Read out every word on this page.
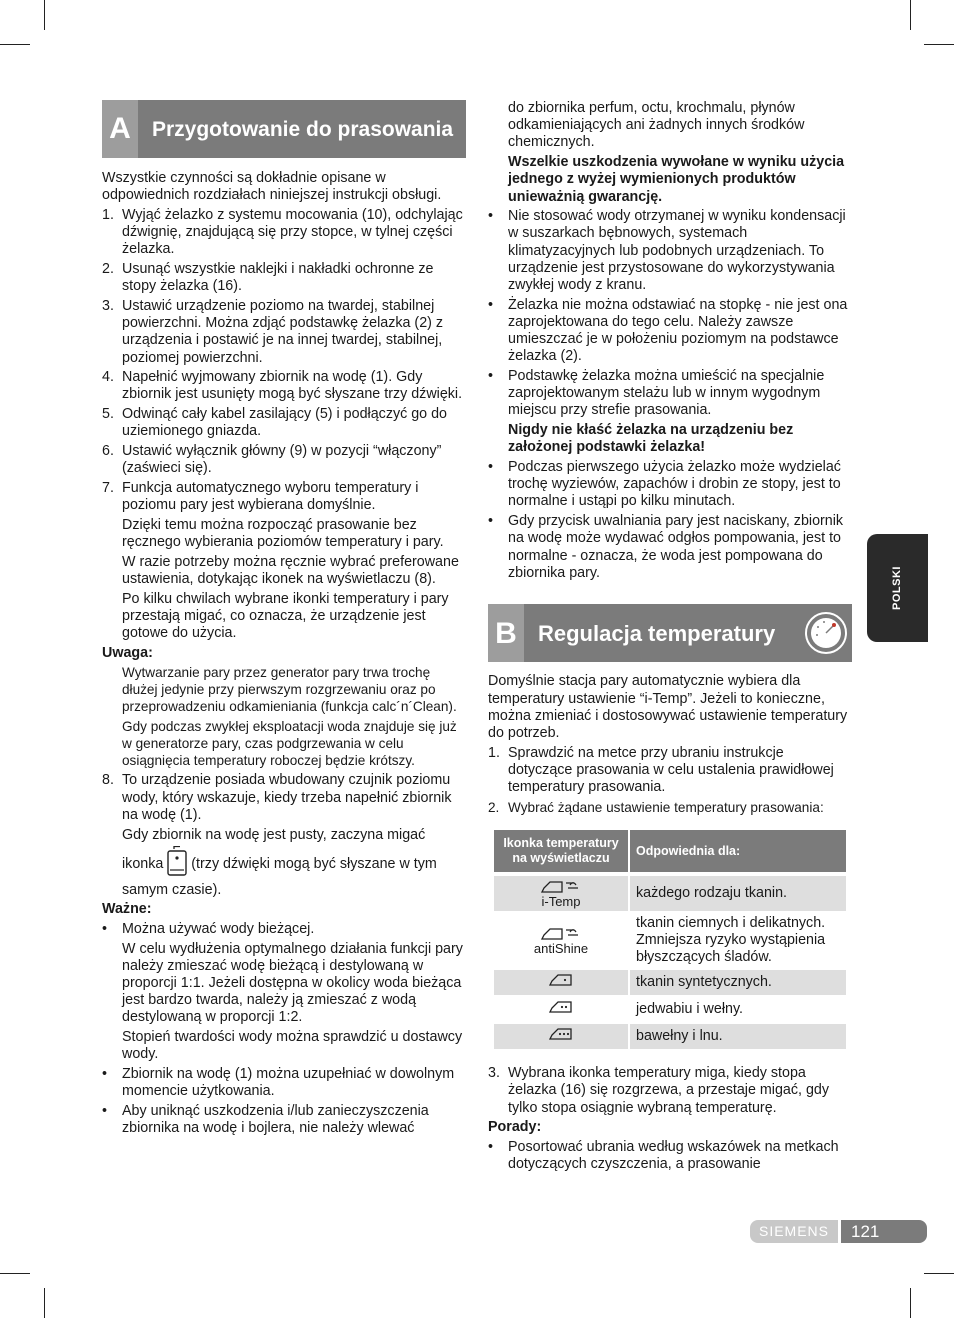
A	Przygotowanie do prasowania

Wszystkie czynności są dokładnie opisane w odpowiednich rozdziałach niniejszej instrukcji obsługi.

1. Wyjąć żelazko z systemu mocowania (10), odchylając dźwignię, znajdującą się przy stopce, w tylnej części żelazka.
2. Usunąć wszystkie naklejki i nakładki ochronne ze stopy żelazka (16).
3. Ustawić urządzenie poziomo na twardej, stabilnej powierzchni. Można zdjąć podstawkę żelazka (2) z urządzenia i postawić je na innej twardej, stabilnej, poziomej powierzchni.
4. Napełnić wyjmowany zbiornik na wodę (1). Gdy zbiornik jest usunięty mogą być słyszane trzy dźwięki.
5. Odwinąć cały kabel zasilający (5) i podłączyć go do uziemionego gniazda.
6. Ustawić wyłącznik główny (9) w pozycji “włączony” (zaświeci się).
7. Funkcja automatycznego wyboru temperatury i poziomu pary jest wybierana domyślnie.

Dzięki temu można rozpocząć prasowanie bez ręcznego wybierania poziomów temperatury i pary.

W razie potrzeby można ręcznie wybrać preferowane ustawienia, dotykając ikonek na wyświetlaczu (8).

Po kilku chwilach wybrane ikonki temperatury i pary przestają migać, co oznacza, że urządzenie jest gotowe do użycia.

Uwaga:

Wytwarzanie pary przez generator pary trwa trochę dłużej jedynie przy pierwszym rozgrzewaniu oraz po przeprowadzeniu odkamieniania (funkcja calc´n´Clean).

Gdy podczas zwykłej eksploatacji woda znajduje się już w generatorze pary, czas podgrzewania w celu osiągnięcia temperatury roboczej będzie krótszy.

8. To urządzenie posiada wbudowany czujnik poziomu wody, który wskazuje, kiedy trzeba napełnić zbiornik na wodę (1).

Gdy zbiornik na wodę jest pusty, zaczyna migać

ikonka (trzy dźwięki mogą być słyszane w tym samym czasie).

Ważne:

• Można używać wody bieżącej.

W celu wydłużenia optymalnego działania funkcji pary należy zmieszać wodę bieżącą i destylowaną w proporcji 1:1. Jeżeli dostępna w okolicy woda bieżąca jest bardzo twarda, należy ją zmieszać z wodą destylowaną w proporcji 1:2.

Stopień twardości wody można sprawdzić u dostawcy wody.

• Zbiornik na wodę (1) można uzupełniać w dowolnym momencie użytkowania.
• Aby uniknąć uszkodzenia i/lub zanieczyszczenia zbiornika na wodę i bojlera, nie należy wlewać

do zbiornika perfum, octu, krochmalu, płynów odkamieniających ani żadnych innych środków chemicznych.

Wszelkie uszkodzenia wywołane w wyniku użycia jednego z wyżej wymienionych produktów unieważnią gwarancję.

• Nie stosować wody otrzymanej w wyniku kondensacji w suszarkach bębnowych, systemach klimatyzacyjnych lub podobnych urządzeniach. To urządzenie jest przystosowane do wykorzystywania zwykłej wody z kranu.
• Żelazka nie można odstawiać na stopkę - nie jest ona zaprojektowana do tego celu. Należy zawsze umieszczać je w położeniu poziomym na podstawce żelazka (2).
• Podstawkę żelazka można umieścić na specjalnie zaprojektowanym stelażu lub w innym wygodnym miejscu przy strefie prasowania.

Nigdy nie kłaść żelazka na urządzeniu bez założonej podstawki żelazka!

• Podczas pierwszego użycia żelazko może wydzielać trochę wyziewów, zapachów i drobin ze stopy, jest to normalne i ustąpi po kilku minutach.
• Gdy przycisk uwalniania pary jest naciskany, zbiornik na wodę może wydawać odgłos pompowania, jest to normalne - oznacza, że woda jest pompowana do zbiornika pary.
B Regulacja temperatury

Domyślnie stacja pary automatycznie wybiera dla temperatury ustawienie “i-Temp”. Jeżeli to konieczne, można zmieniać i dostosowywać ustawienie temperatury do potrzeb.

1. Sprawdzić na metce przy ubraniu instrukcje dotyczące prasowania w celu ustalenia prawidłowej temperatury prasowania.
2. Wybrać żądane ustawienie temperatury prasowania:
Ikonka temperatury na wyświetlaczu	Odpowiednia dla:

i-Temp	każdego rodzaju tkanin.

antiShine	tkanin ciemnych i delikatnych. Zmniejsza ryzyko wystąpienia błyszczących śladów.
	tkanin syntetycznych.
	jedwabiu i wełny.
	bawełny i lnu.
3. Wybrana ikonka temperatury miga, kiedy stopa żelazka (16) się rozgrzewa, a przestaje migać, gdy tylko stopa osiągnie wybraną temperaturę.

Porady:

• Posortować ubrania według wskazówek na metkach dotyczących czyszczenia, a prasowanie
POLSKI
SIEMENS	121
